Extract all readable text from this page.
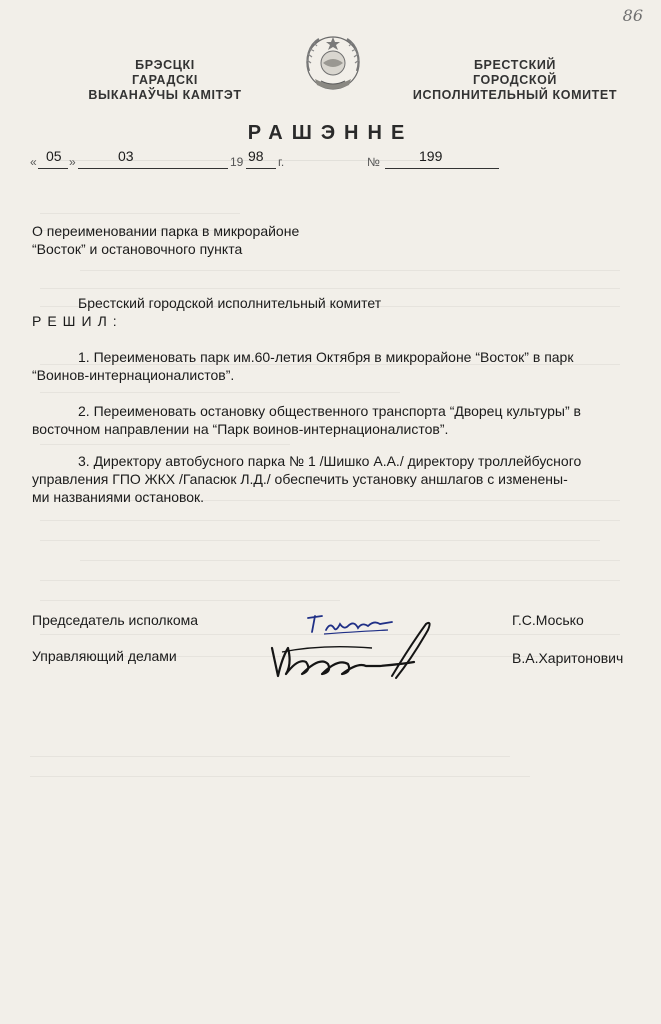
86
БРЭСЦКІ
ГАРАДСКІ
ВЫКАНАЎЧЫ КАМІТЭТ
БРЕСТСКИЙ
ГОРОДСКОЙ
ИСПОЛНИТЕЛЬНЫЙ КОМИТЕТ
РАШЭННЕ
« 05 »	03	19 98 г.	№	199
О переименовании парка в микрорайоне
“Восток” и остановочного пункта
Брестский городской исполнительный комитет
РЕШИЛ:
1. Переименовать парк им.60-летия Октября в микрорайоне “Восток” в парк
“Воинов-интернационалистов”.
2. Переименовать остановку общественного транспорта “Дворец культуры” в
восточном направлении на “Парк воинов-интернационалистов”.
3. Директору автобусного парка № 1 /Шишко А.А./ директору троллейбусного
управления ГПО ЖКХ /Гапасюк Л.Д./ обеспечить установку аншлагов с изменены-
ми названиями остановок.
Председатель исполкома	Г.С.Мосько
Управляющий делами	В.А.Харитонович
